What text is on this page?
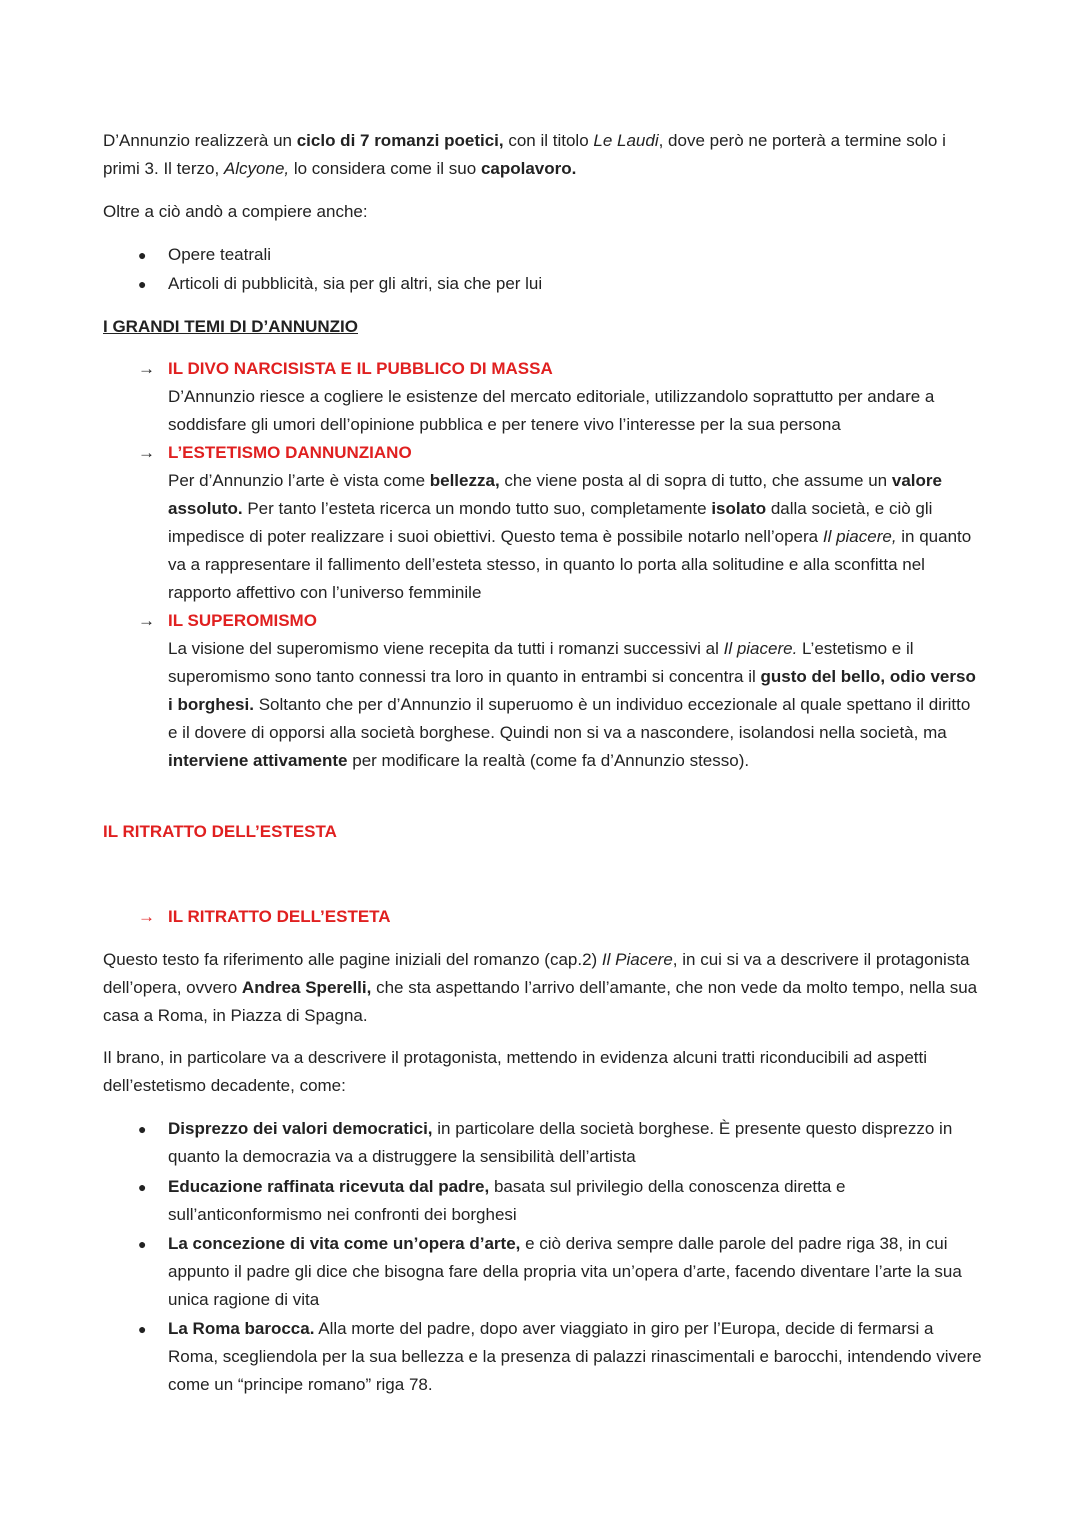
D’Annunzio realizzerà un ciclo di 7 romanzi poetici, con il titolo Le Laudi, dove però ne porterà a termine solo i primi 3. Il terzo, Alcyone, lo considera come il suo capolavoro.

Oltre a ciò andò a compiere anche:

● Opere teatrali

● Articoli di pubblicità, sia per gli altri, sia che per lui

I GRANDI TEMI DI D’ANNUNZIO

→ IL DIVO NARCISISTA E IL PUBBLICO DI MASSA

D’Annunzio riesce a cogliere le esistenze del mercato editoriale, utilizzandolo soprattutto per andare a soddisfare gli umori dell’opinione pubblica e per tenere vivo l’interesse per la sua persona

→ L’ESTETISMO DANNUNZIANO

Per d’Annunzio l’arte è vista come bellezza, che viene posta al di sopra di tutto, che assume un valore assoluto. Per tanto l’esteta ricerca un mondo tutto suo, completamente isolato dalla società, e ciò gli impedisce di poter realizzare i suoi obiettivi. Questo tema è possibile notarlo nell’opera Il piacere, in quanto va a rappresentare il fallimento dell’esteta stesso, in quanto lo porta alla solitudine e alla sconfitta nel rapporto affettivo con l’universo femminile

→ IL SUPEROMISMO

La visione del superomismo viene recepita da tutti i romanzi successivi al Il piacere. L’estetismo e il superomismo sono tanto connessi tra loro in quanto in entrambi si concentra il gusto del bello, odio verso i borghesi. Soltanto che per d’Annunzio il superuomo è un individuo eccezionale al quale spettano il diritto e il dovere di opporsi alla società borghese. Quindi non si va a nascondere, isolandosi nella società, ma interviene attivamente per modificare la realtà (come fa d’Annunzio stesso).

IL RITRATTO DELL’ESTESTA

→ IL RITRATTO DELL’ESTETA

Questo testo fa riferimento alle pagine iniziali del romanzo (cap.2) Il Piacere, in cui si va a descrivere il protagonista dell’opera, ovvero Andrea Sperelli, che sta aspettando l’arrivo dell’amante, che non vede da molto tempo, nella sua casa a Roma, in Piazza di Spagna.

Il brano, in particolare va a descrivere il protagonista, mettendo in evidenza alcuni tratti riconducibili ad aspetti dell’estetismo decadente, come:

● Disprezzo dei valori democratici, in particolare della società borghese. È presente questo disprezzo in quanto la democrazia va a distruggere la sensibilità dell’artista

● Educazione raffinata ricevuta dal padre, basata sul privilegio della conoscenza diretta e sull’anticonformismo nei confronti dei borghesi

● La concezione di vita come un’opera d’arte, e ciò deriva sempre dalle parole del padre riga 38, in cui appunto il padre gli dice che bisogna fare della propria vita un’opera d’arte, facendo diventare l’arte la sua unica ragione di vita

● La Roma barocca. Alla morte del padre, dopo aver viaggiato in giro per l’Europa, decide di fermarsi a Roma, scegliendola per la sua bellezza e la presenza di palazzi rinascimentali e barocchi, intendendo vivere come un “principe romano” riga 78.
